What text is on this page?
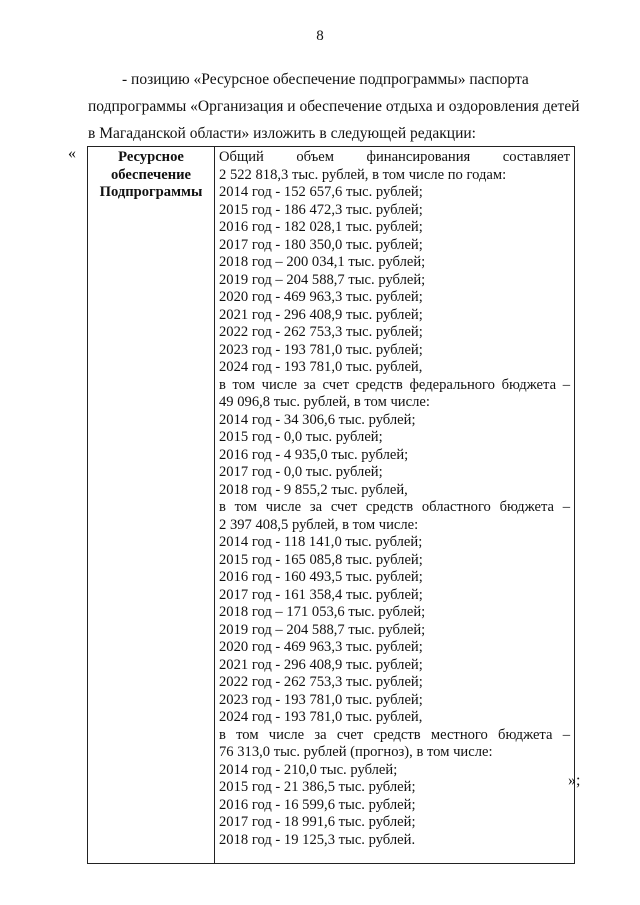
8
- позицию «Ресурсное обеспечение подпрограммы» паспорта
подпрограммы «Организация и обеспечение отдыха и оздоровления детей
в Магаданской области» изложить в следующей редакции:
«	Ресурсное
обеспечение
Подпрограммы

Общий объем финансирования составляет
2 522 818,3 тыс. рублей, в том числе по годам:
2014 год - 152 657,6 тыс. рублей;
2015 год - 186 472,3 тыс. рублей;
2016 год - 182 028,1 тыс. рублей;
2017 год - 180 350,0 тыс. рублей;
2018 год – 200 034,1 тыс. рублей;
2019 год – 204 588,7 тыс. рублей;
2020 год - 469 963,3 тыс. рублей;
2021 год - 296 408,9 тыс. рублей;
2022 год - 262 753,3 тыс. рублей;
2023 год - 193 781,0 тыс. рублей;
2024 год - 193 781,0 тыс. рублей,
в том числе за счет средств федерального бюджета –
49 096,8 тыс. рублей, в том числе:
2014 год - 34 306,6 тыс. рублей;
2015 год - 0,0 тыс. рублей;
2016 год - 4 935,0 тыс. рублей;
2017 год - 0,0 тыс. рублей;
2018 год - 9 855,2 тыс. рублей,
в том числе за счет средств областного бюджета –
2 397 408,5 рублей, в том числе:
2014 год - 118 141,0 тыс. рублей;
2015 год - 165 085,8 тыс. рублей;
2016 год - 160 493,5 тыс. рублей;
2017 год - 161 358,4 тыс. рублей;
2018 год – 171 053,6 тыс. рублей;
2019 год – 204 588,7 тыс. рублей;
2020 год - 469 963,3 тыс. рублей;
2021 год - 296 408,9 тыс. рублей;
2022 год - 262 753,3 тыс. рублей;
2023 год - 193 781,0 тыс. рублей;
2024 год - 193 781,0 тыс. рублей,
в том числе за счет средств местного бюджета –
76 313,0 тыс. рублей (прогноз), в том числе:
2014 год - 210,0 тыс. рублей;
2015 год - 21 386,5 тыс. рублей;
2016 год - 16 599,6 тыс. рублей;
2017 год - 18 991,6 тыс. рублей;
2018 год - 19 125,3 тыс. рублей.
»;
